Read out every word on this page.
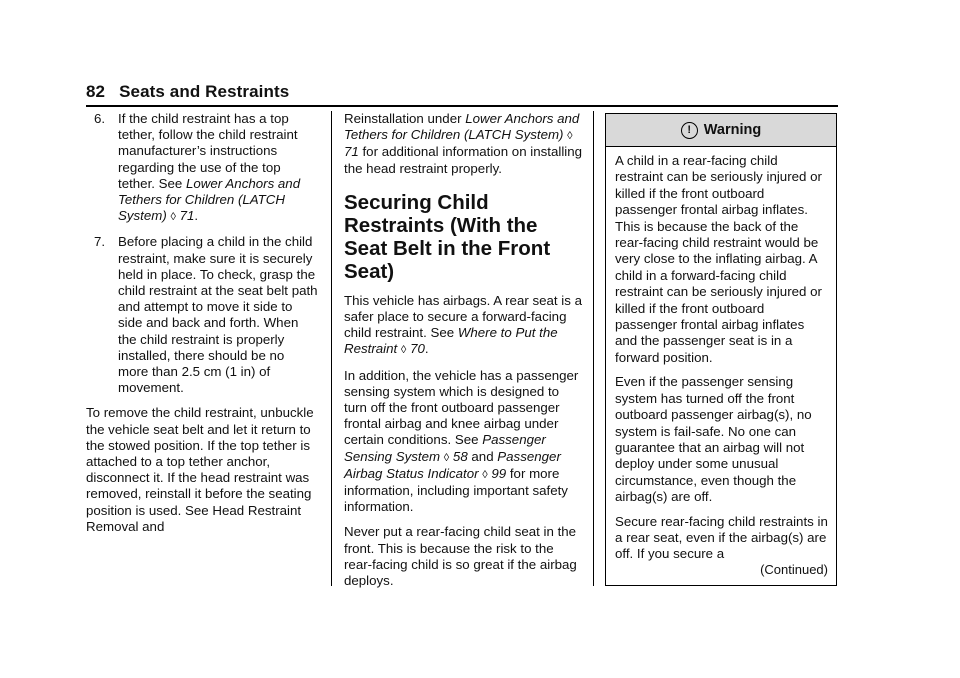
82 Seats and Restraints
6. If the child restraint has a top tether, follow the child restraint manufacturer’s instructions regarding the use of the top tether. See Lower Anchors and Tethers for Children (LATCH System) ◊ 71.
7. Before placing a child in the child restraint, make sure it is securely held in place. To check, grasp the child restraint at the seat belt path and attempt to move it side to side and back and forth. When the child restraint is properly installed, there should be no more than 2.5 cm (1 in) of movement.

To remove the child restraint, unbuckle the vehicle seat belt and let it return to the stowed position. If the top tether is attached to a top tether anchor, disconnect it. If the head restraint was removed, reinstall it before the seating position is used. See Head Restraint Removal and

Reinstallation under Lower Anchors and Tethers for Children (LATCH System) ◊ 71 for additional information on installing the head restraint properly.

Securing Child Restraints (With the Seat Belt in the Front Seat)

This vehicle has airbags. A rear seat is a safer place to secure a forward-facing child restraint. See Where to Put the Restraint ◊ 70.

In addition, the vehicle has a passenger sensing system which is designed to turn off the front outboard passenger frontal airbag and knee airbag under certain conditions. See Passenger Sensing System ◊ 58 and Passenger Airbag Status Indicator ◊ 99 for more information, including important safety information.

Never put a rear-facing child seat in the front. This is because the risk to the rear-facing child is so great if the airbag deploys.

! Warning

A child in a rear-facing child restraint can be seriously injured or killed if the front outboard passenger frontal airbag inflates. This is because the back of the rear-facing child restraint would be very close to the inflating airbag. A child in a forward-facing child restraint can be seriously injured or killed if the front outboard passenger frontal airbag inflates and the passenger seat is in a forward position.

Even if the passenger sensing system has turned off the front outboard passenger airbag(s), no system is fail-safe. No one can guarantee that an airbag will not deploy under some unusual circumstance, even though the airbag(s) are off.

Secure rear-facing child restraints in a rear seat, even if the airbag(s) are off. If you secure a

(Continued)
